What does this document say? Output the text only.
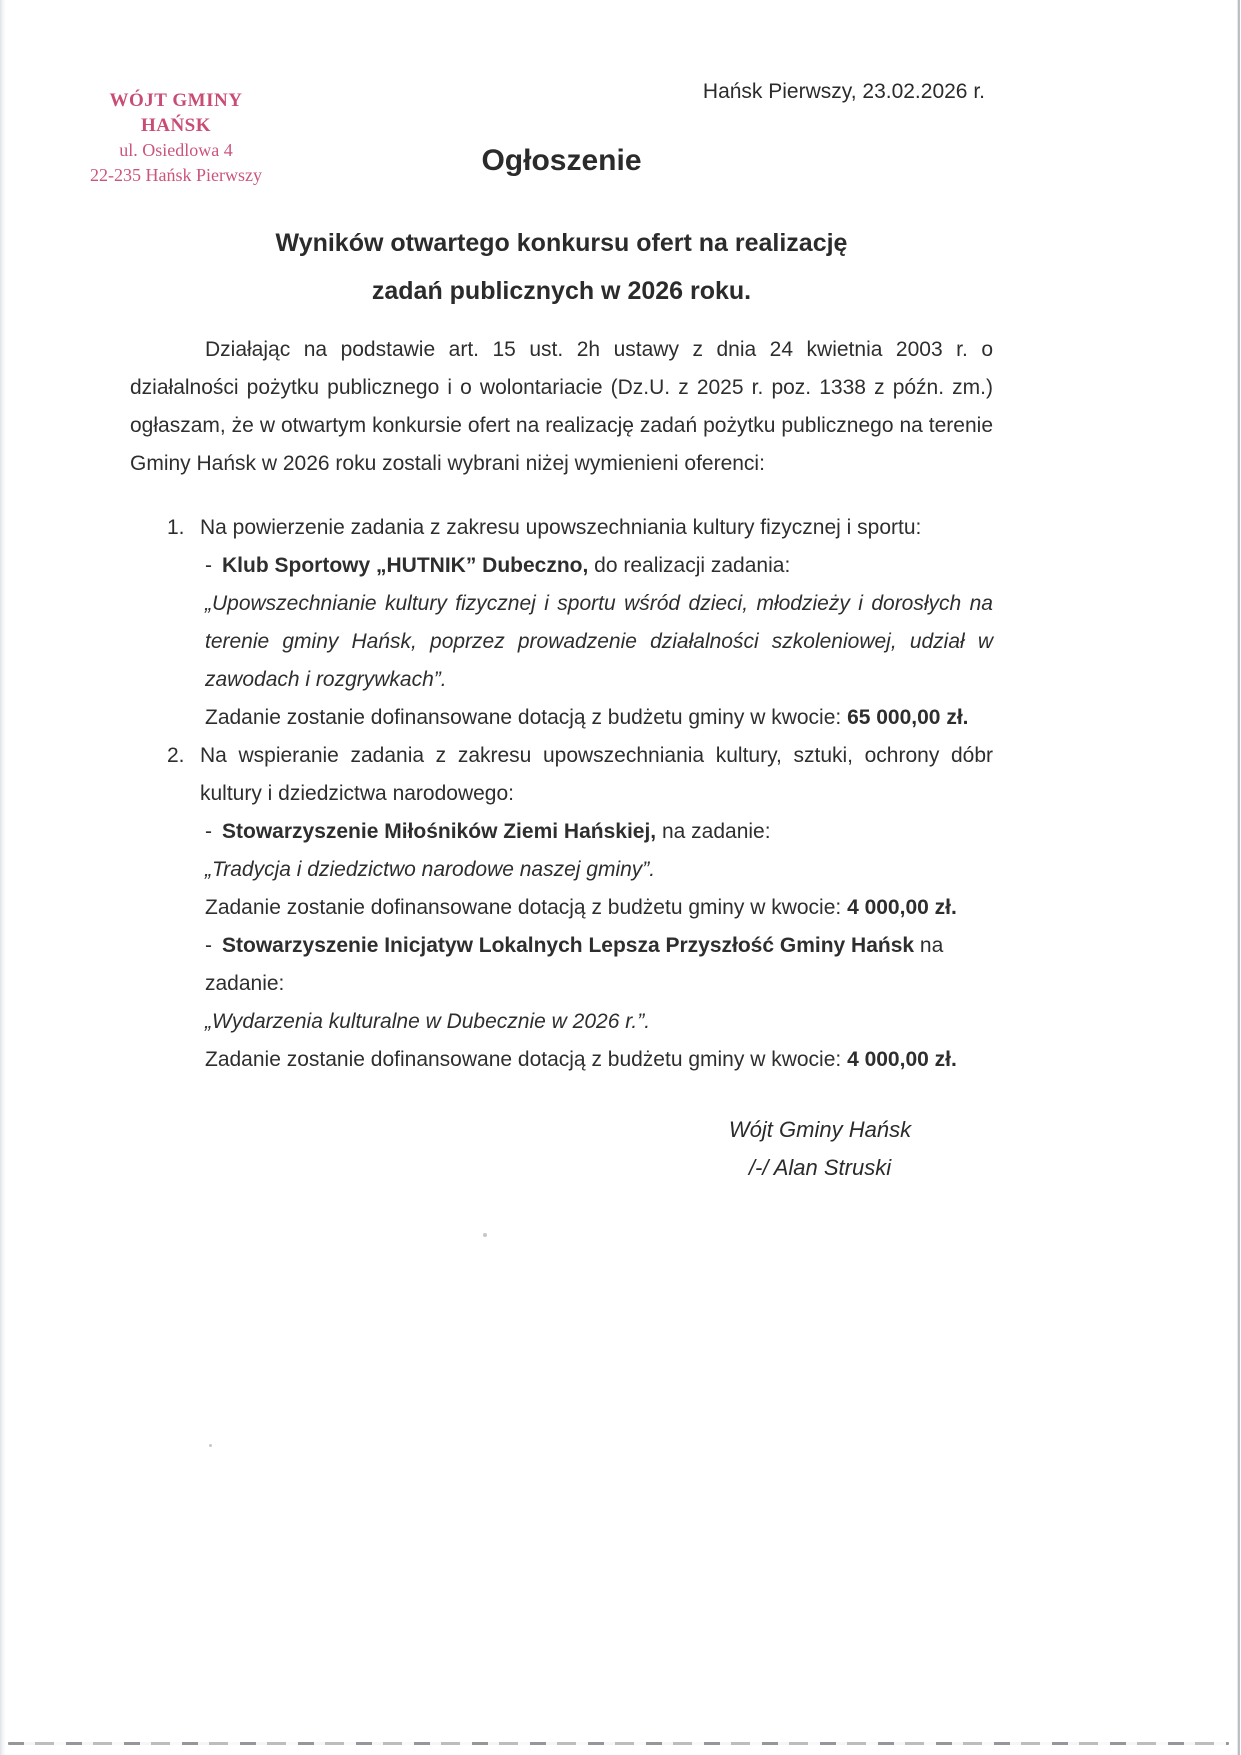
Hańsk Pierwszy, 23.02.2026 r.
WÓJT GMINY HAŃSK
ul. Osiedlowa 4
22-235 Hańsk Pierwszy	Ogłoszenie
Wyników otwartego konkursu ofert na realizację
zadań publicznych w 2026 roku.

Działając na podstawie art. 15 ust. 2h ustawy z dnia 24 kwietnia 2003 r. o działalności pożytku publicznego i o wolontariacie (Dz.U. z 2025 r. poz. 1338 z późn. zm.) ogłaszam, że w otwartym konkursie ofert na realizację zadań pożytku publicznego na terenie Gminy Hańsk w 2026 roku zostali wybrani niżej wymienieni oferenci:

1. Na powierzenie zadania z zakresu upowszechniania kultury fizycznej i sportu:
- Klub Sportowy „HUTNIK” Dubeczno, do realizacji zadania:
„Upowszechnianie kultury fizycznej i sportu wśród dzieci, młodzieży i dorosłych na terenie gminy Hańsk, poprzez prowadzenie działalności szkoleniowej, udział w zawodach i rozgrywkach”.
Zadanie zostanie dofinansowane dotacją z budżetu gminy w kwocie: 65 000,00 zł.
2. Na wspieranie zadania z zakresu upowszechniania kultury, sztuki, ochrony dóbr kultury i dziedzictwa narodowego:
- Stowarzyszenie Miłośników Ziemi Hańskiej, na zadanie:
„Tradycja i dziedzictwo narodowe naszej gminy”.
Zadanie zostanie dofinansowane dotacją z budżetu gminy w kwocie: 4 000,00 zł.
- Stowarzyszenie Inicjatyw Lokalnych Lepsza Przyszłość Gminy Hańsk na zadanie:
„Wydarzenia kulturalne w Dubecznie w 2026 r.”.
Zadanie zostanie dofinansowane dotacją z budżetu gminy w kwocie: 4 000,00 zł.
Wójt Gminy Hańsk
/-/ Alan Struski
